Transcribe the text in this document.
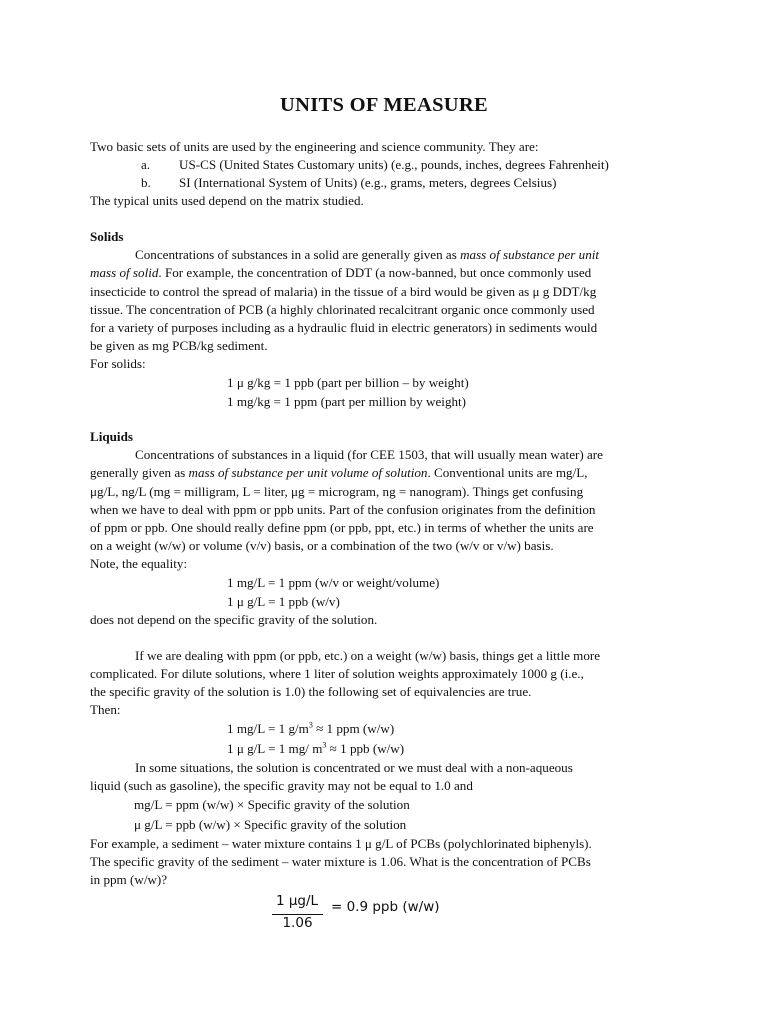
UNITS OF MEASURE
Two basic sets of units are used by the engineering and science community. They are:
a. US-CS (United States Customary units) (e.g., pounds, inches, degrees Fahrenheit)
b. SI (International System of Units) (e.g., grams, meters, degrees Celsius)
The typical units used depend on the matrix studied.
Solids
Concentrations of substances in a solid are generally given as mass of substance per unit
mass of solid. For example, the concentration of DDT (a now-banned, but once commonly used
insecticide to control the spread of malaria) in the tissue of a bird would be given as μ g DDT/kg
tissue. The concentration of PCB (a highly chlorinated recalcitrant organic once commonly used
for a variety of purposes including as a hydraulic fluid in electric generators) in sediments would
be given as mg PCB/kg sediment.
For solids:
1 μ g/kg = 1 ppb (part per billion – by weight)
1 mg/kg = 1 ppm (part per million by weight)
Liquids
Concentrations of substances in a liquid (for CEE 1503, that will usually mean water) are
generally given as mass of substance per unit volume of solution. Conventional units are mg/L,
μg/L, ng/L (mg = milligram, L = liter, μg = microgram, ng = nanogram). Things get confusing
when we have to deal with ppm or ppb units. Part of the confusion originates from the definition
of ppm or ppb. One should really define ppm (or ppb, ppt, etc.) in terms of whether the units are
on a weight (w/w) or volume (v/v) basis, or a combination of the two (w/v or v/w) basis.
Note, the equality:
1 mg/L = 1 ppm (w/v or weight/volume)
1 μ g/L = 1 ppb (w/v)
does not depend on the specific gravity of the solution.
If we are dealing with ppm (or ppb, etc.) on a weight (w/w) basis, things get a little more
complicated. For dilute solutions, where 1 liter of solution weights approximately 1000 g (i.e.,
the specific gravity of the solution is 1.0) the following set of equivalencies are true.
Then:
1 mg/L = 1 $g/m^3 \approx 1$ ppm (w/w)
1 μ g/L = 1 mg/ $m^3 \approx 1$ ppb (w/w)
In some situations, the solution is concentrated or we must deal with a non-aqueous
liquid (such as gasoline), the specific gravity may not be equal to 1.0 and
mg/L = ppm (w/w) × Specific gravity of the solution
μ g/L = ppb (w/w) × Specific gravity of the solution
For example, a sediment – water mixture contains 1 μ g/L of PCBs (polychlorinated biphenyls).
The specific gravity of the sediment – water mixture is 1.06. What is the concentration of PCBs
in ppm (w/w)?
1 μg/L
1.06
= 0.9 ppb (w/w)
